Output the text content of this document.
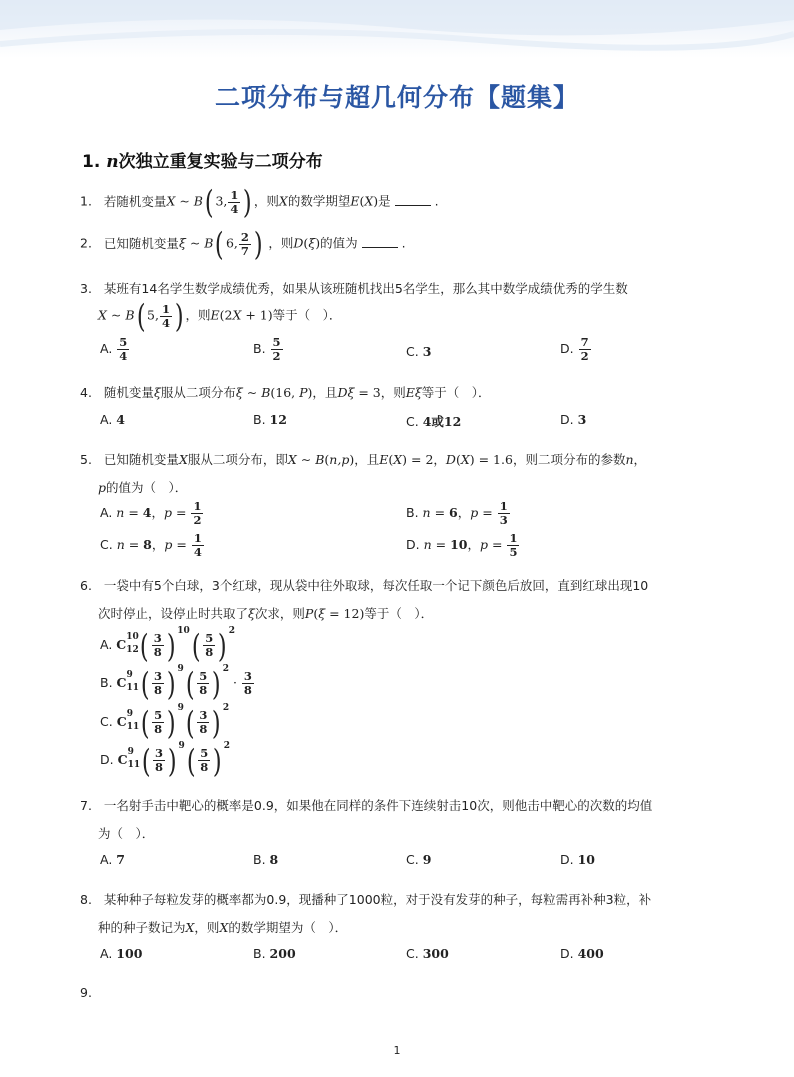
二项分布与超几何分布【题集】
1. n次独立重复实验与二项分布
1. 若随机变量X ∼ B( 3, $\frac{1}{4}$ ) ，则X的数学期望E(X)是	.
2. 已知随机变量ξ ∼ B( 6, $\frac{2}{7}$ ) ，则D(ξ)的值为	.
3. 某班有14名学生数学成绩优秀，如果从该班随机找出5名学生，那么其中数学成绩优秀的学生数
X ∼ B( 5, $\frac{1}{4}$ ) ，则E(2X + 1)等于（　）．
A. $\frac{5}{4}$	B. $\frac{5}{2}$	C. 3	D. $\frac{7}{2}$
4. 随机变量ξ服从二项分布ξ ∼ B(16, P)，且Dξ = 3，则Eξ等于（　）．
A. 4	B. 12	C. 4或12	D. 3
5. 已知随机变量X服从二项分布，即X ∼ B(n,p)，且E(X) = 2，D(X) = 1.6，则二项分布的参数n，
p的值为（　）．
A. n = 4，$p = \frac{1}{2}$	B. n = 6，$p = \frac{1}{3}$
C. n = 8，$p = \frac{1}{4}$	D. n = 10，$p = \frac{1}{5}$
6. 一袋中有5个白球，3个红球，现从袋中往外取球，每次任取一个记下颜色后放回，直到红球出现10
次时停止，设停止时共取了ξ次求，则P(ξ = 12)等于（　）．
A. C 10
12 ( $\frac{3}{8}$ ) $^{10}( \frac{5}{8}$ ) $^2$
B. C 9
11 ( $\frac{3}{8}$ ) $^9( \frac{5}{8}$ ) $^2 \cdot \frac{3}{8}$
C. C 9
11 ( $\frac{5}{8}$ ) $^9( \frac{3}{8}$ ) $^2$
D. C 9
11 ( $\frac{3}{8}$ ) $^9( \frac{5}{8}$ ) $^2$
7. 一名射手击中靶心的概率是0.9，如果他在同样的条件下连续射击10次，则他击中靶心的次数的均值
为（　）．
A. 7	B. 8	C. 9	D. 10
8. 某种种子每粒发芽的概率都为0.9，现播种了1000粒，对于没有发芽的种子，每粒需再补种3粒，补
种的种子数记为X，则X的数学期望为（　）．
A. 100	B. 200	C. 300	D. 400
9.
1
